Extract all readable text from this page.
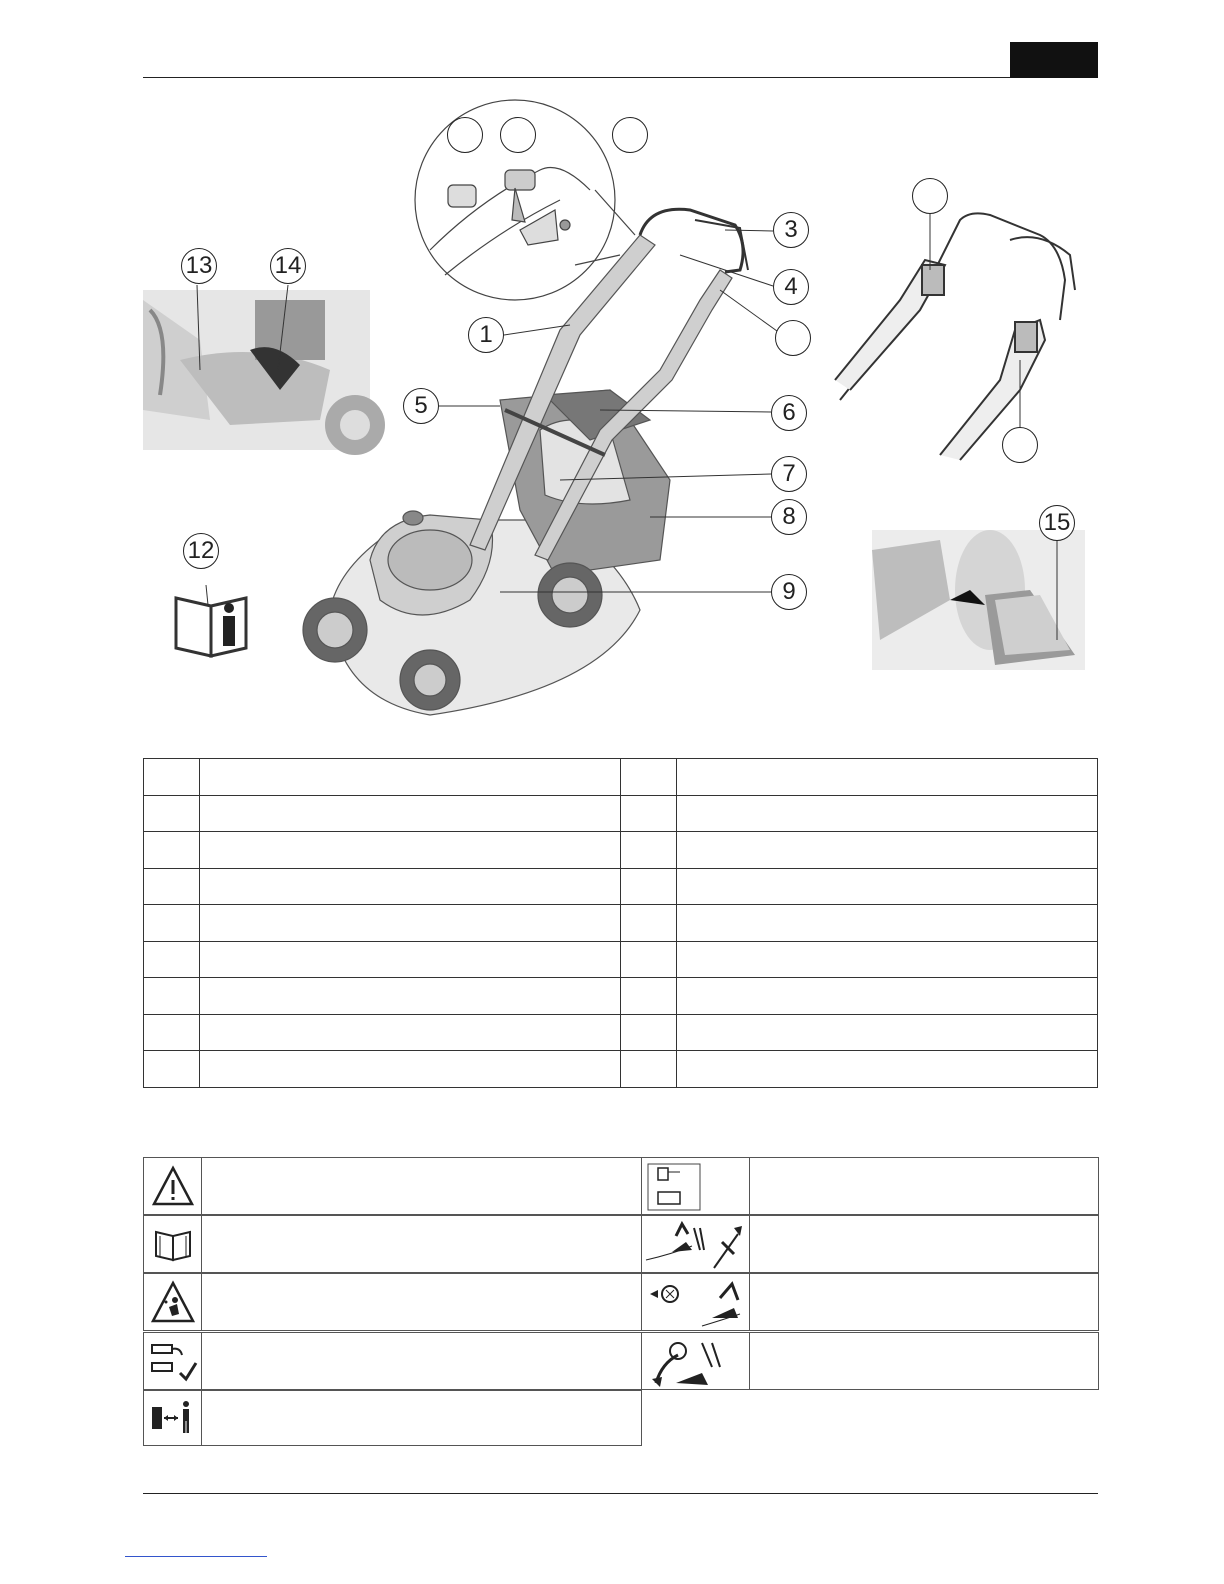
1
3
4
5	6
7
8
9
12
13	14
15
